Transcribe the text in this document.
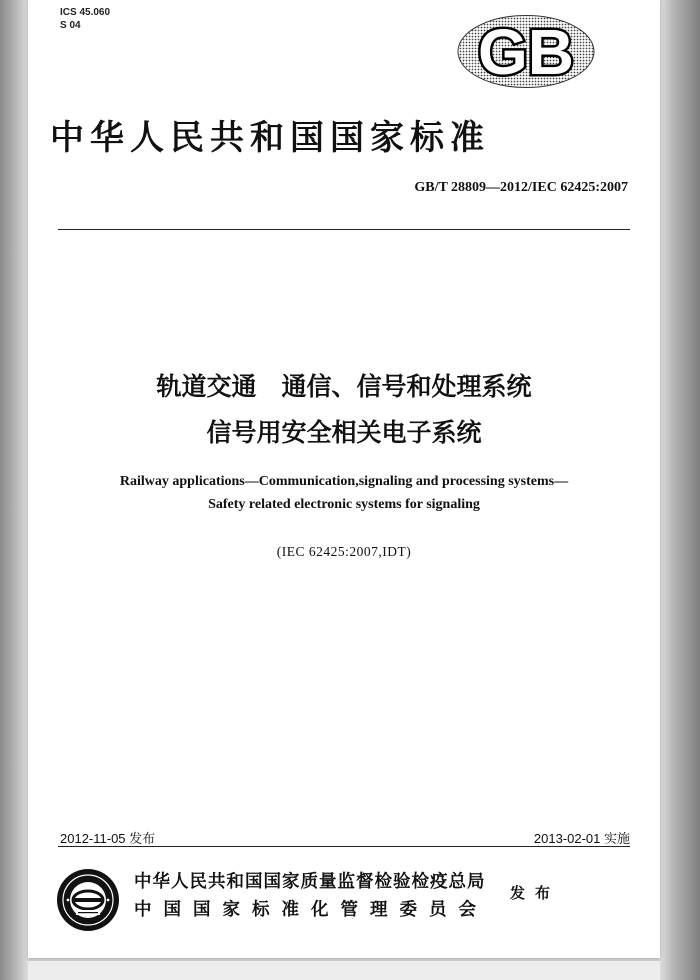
ICS 45.060
S 04	GB
中华人民共和国国家标准
GB/T 28809—2012/IEC 62425:2007
轨道交通　通信、信号和处理系统
信号用安全相关电子系统
Railway applications—Communication,signaling and processing systems—
Safety related electronic systems for signaling
(IEC 62425:2007,IDT)
2012-11-05 发布	2013-02-01 实施
中华人民共和国国家质量监督检验检疫总局
中国国家标准化管理委员会
发布
